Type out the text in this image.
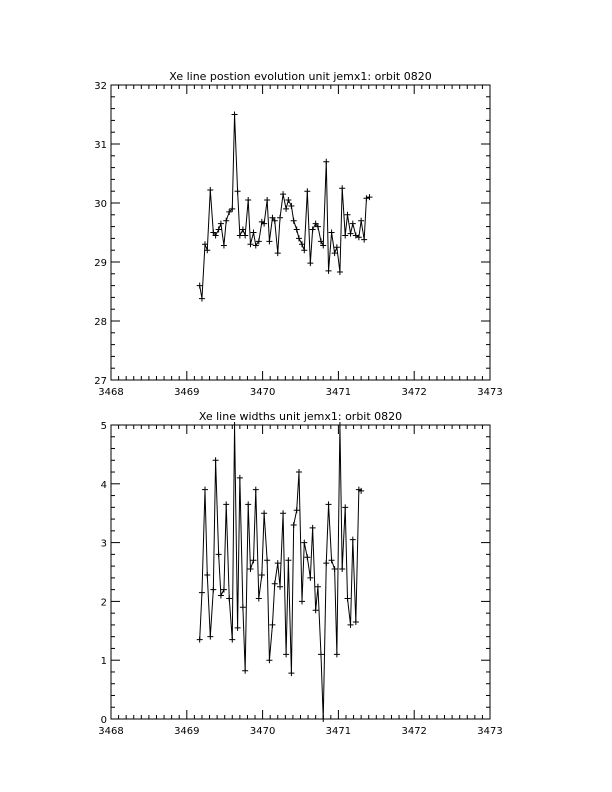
Xe line postion evolution unit jemx1: orbit 0820
3468	3469	3470	3471	3472	3473
27
28
29
30
31
32
Xe line widths unit jemx1: orbit 0820
3468	3469	3470	3471	3472	3473
0
1
2
3
4
5
